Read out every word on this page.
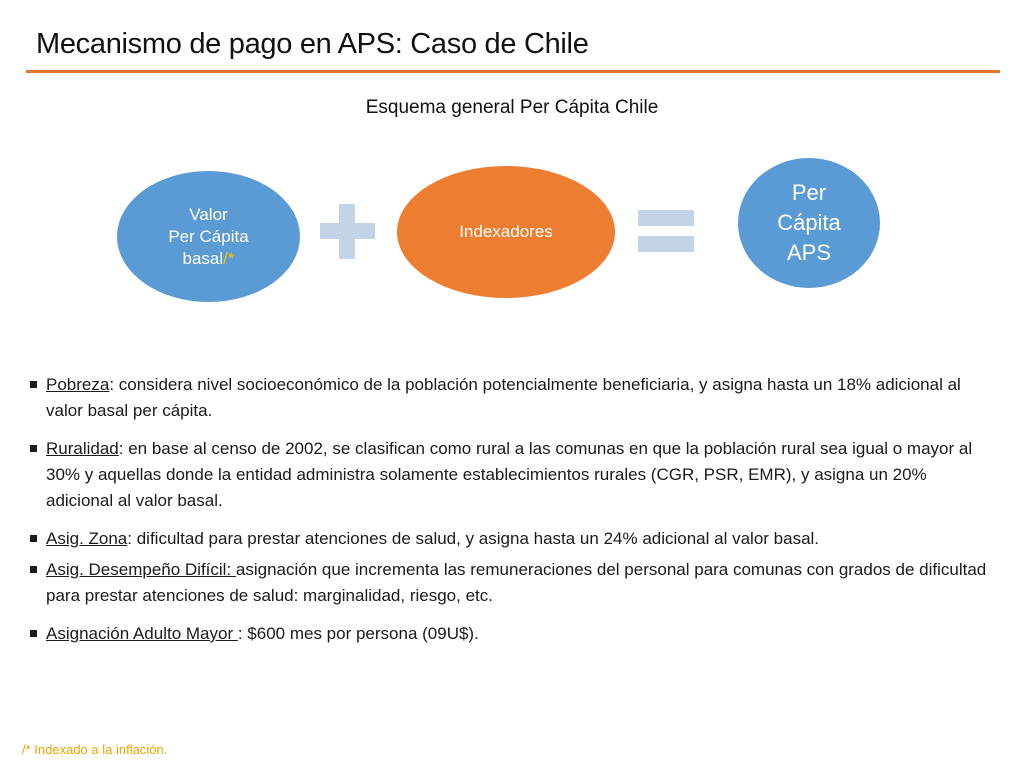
Mecanismo de pago en APS: Caso de Chile
Esquema general Per Cápita Chile
Valor
Per Cápita
basal/*
Indexadores
Per
Cápita
APS
Pobreza: considera nivel socioeconómico de la población potencialmente beneficiaria, y asigna hasta un 18% adicional al valor basal per cápita.
Ruralidad: en base al censo de 2002, se clasifican como rural a las comunas en que la población rural sea igual o mayor al 30% y aquellas donde la entidad administra solamente establecimientos rurales (CGR, PSR, EMR), y asigna un 20% adicional al valor basal.
Asig. Zona: dificultad para prestar atenciones de salud, y asigna hasta un 24% adicional al valor basal.
Asig. Desempeño Difícil: asignación que incrementa las remuneraciones del personal para comunas con grados de dificultad para prestar atenciones de salud: marginalidad, riesgo, etc.
Asignación Adulto Mayor : $600 mes por persona (09U$).
/* Indexado a la inflación.
